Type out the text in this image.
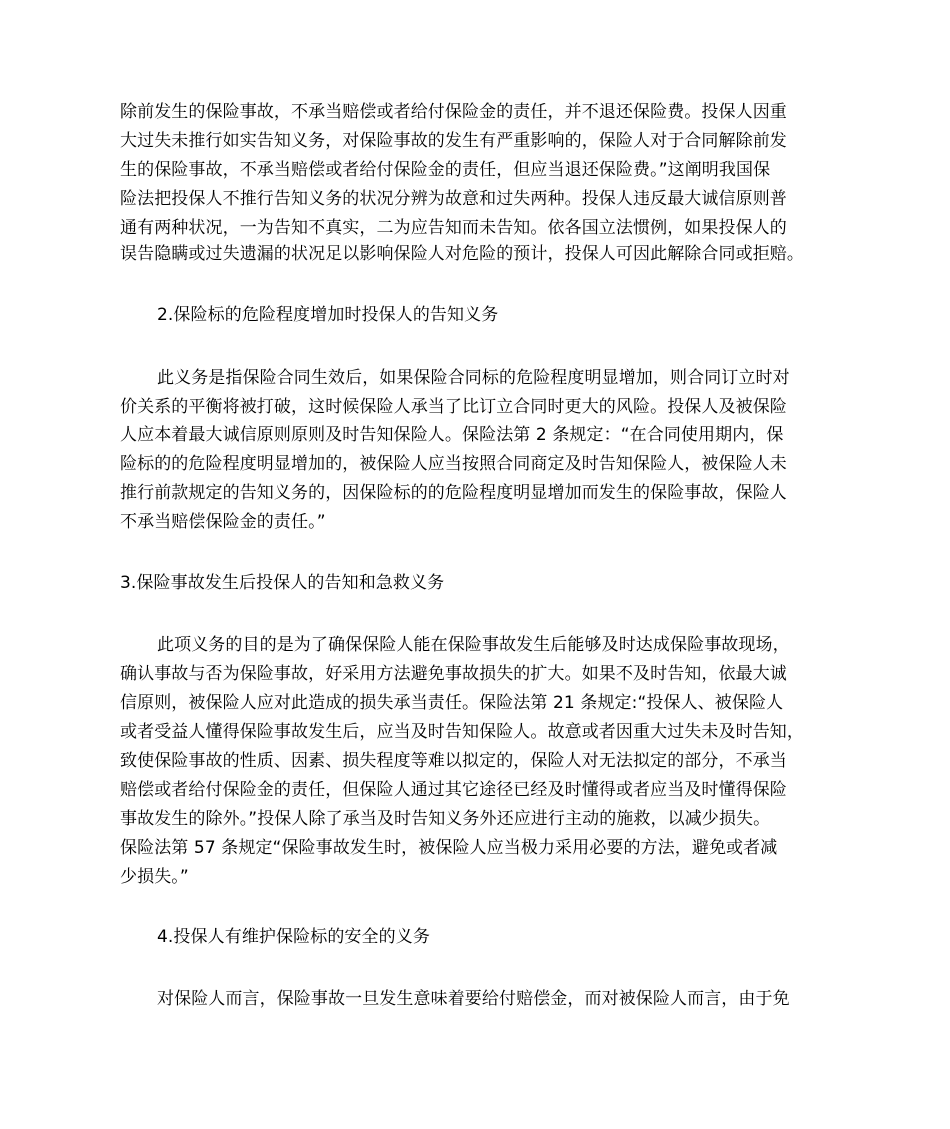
除前发生的保险事故，不承当赔偿或者给付保险金的责任，并不退还保险费。投保人因重
大过失未推行如实告知义务，对保险事故的发生有严重影响的，保险人对于合同解除前发
生的保险事故，不承当赔偿或者给付保险金的责任，但应当退还保险费。”这阐明我国保
险法把投保人不推行告知义务的状况分辨为故意和过失两种。投保人违反最大诚信原则普
通有两种状况，一为告知不真实，二为应告知而未告知。依各国立法惯例，如果投保人的
误告隐瞒或过失遗漏的状况足以影响保险人对危险的预计，投保人可因此解除合同或拒赔。
2.保险标的危险程度增加时投保人的告知义务
此义务是指保险合同生效后，如果保险合同标的危险程度明显增加，则合同订立时对
价关系的平衡将被打破，这时候保险人承当了比订立合同时更大的风险。投保人及被保险
人应本着最大诚信原则原则及时告知保险人。保险法第 2 条规定：“在合同使用期内，保
险标的的危险程度明显增加的，被保险人应当按照合同商定及时告知保险人，被保险人未
推行前款规定的告知义务的，因保险标的的危险程度明显增加而发生的保险事故，保险人
不承当赔偿保险金的责任。”
3.保险事故发生后投保人的告知和急救义务
此项义务的目的是为了确保保险人能在保险事故发生后能够及时达成保险事故现场，
确认事故与否为保险事故，好采用方法避免事故损失的扩大。如果不及时告知，依最大诚
信原则，被保险人应对此造成的损失承当责任。保险法第 21 条规定:“投保人、被保险人
或者受益人懂得保险事故发生后，应当及时告知保险人。故意或者因重大过失未及时告知，
致使保险事故的性质、因素、损失程度等难以拟定的，保险人对无法拟定的部分，不承当
赔偿或者给付保险金的责任，但保险人通过其它途径已经及时懂得或者应当及时懂得保险
事故发生的除外。”投保人除了承当及时告知义务外还应进行主动的施救，以减少损失。
保险法第 57 条规定“保险事故发生时，被保险人应当极力采用必要的方法，避免或者减
少损失。”
4.投保人有维护保险标的安全的义务
对保险人而言，保险事故一旦发生意味着要给付赔偿金，而对被保险人而言，由于免
